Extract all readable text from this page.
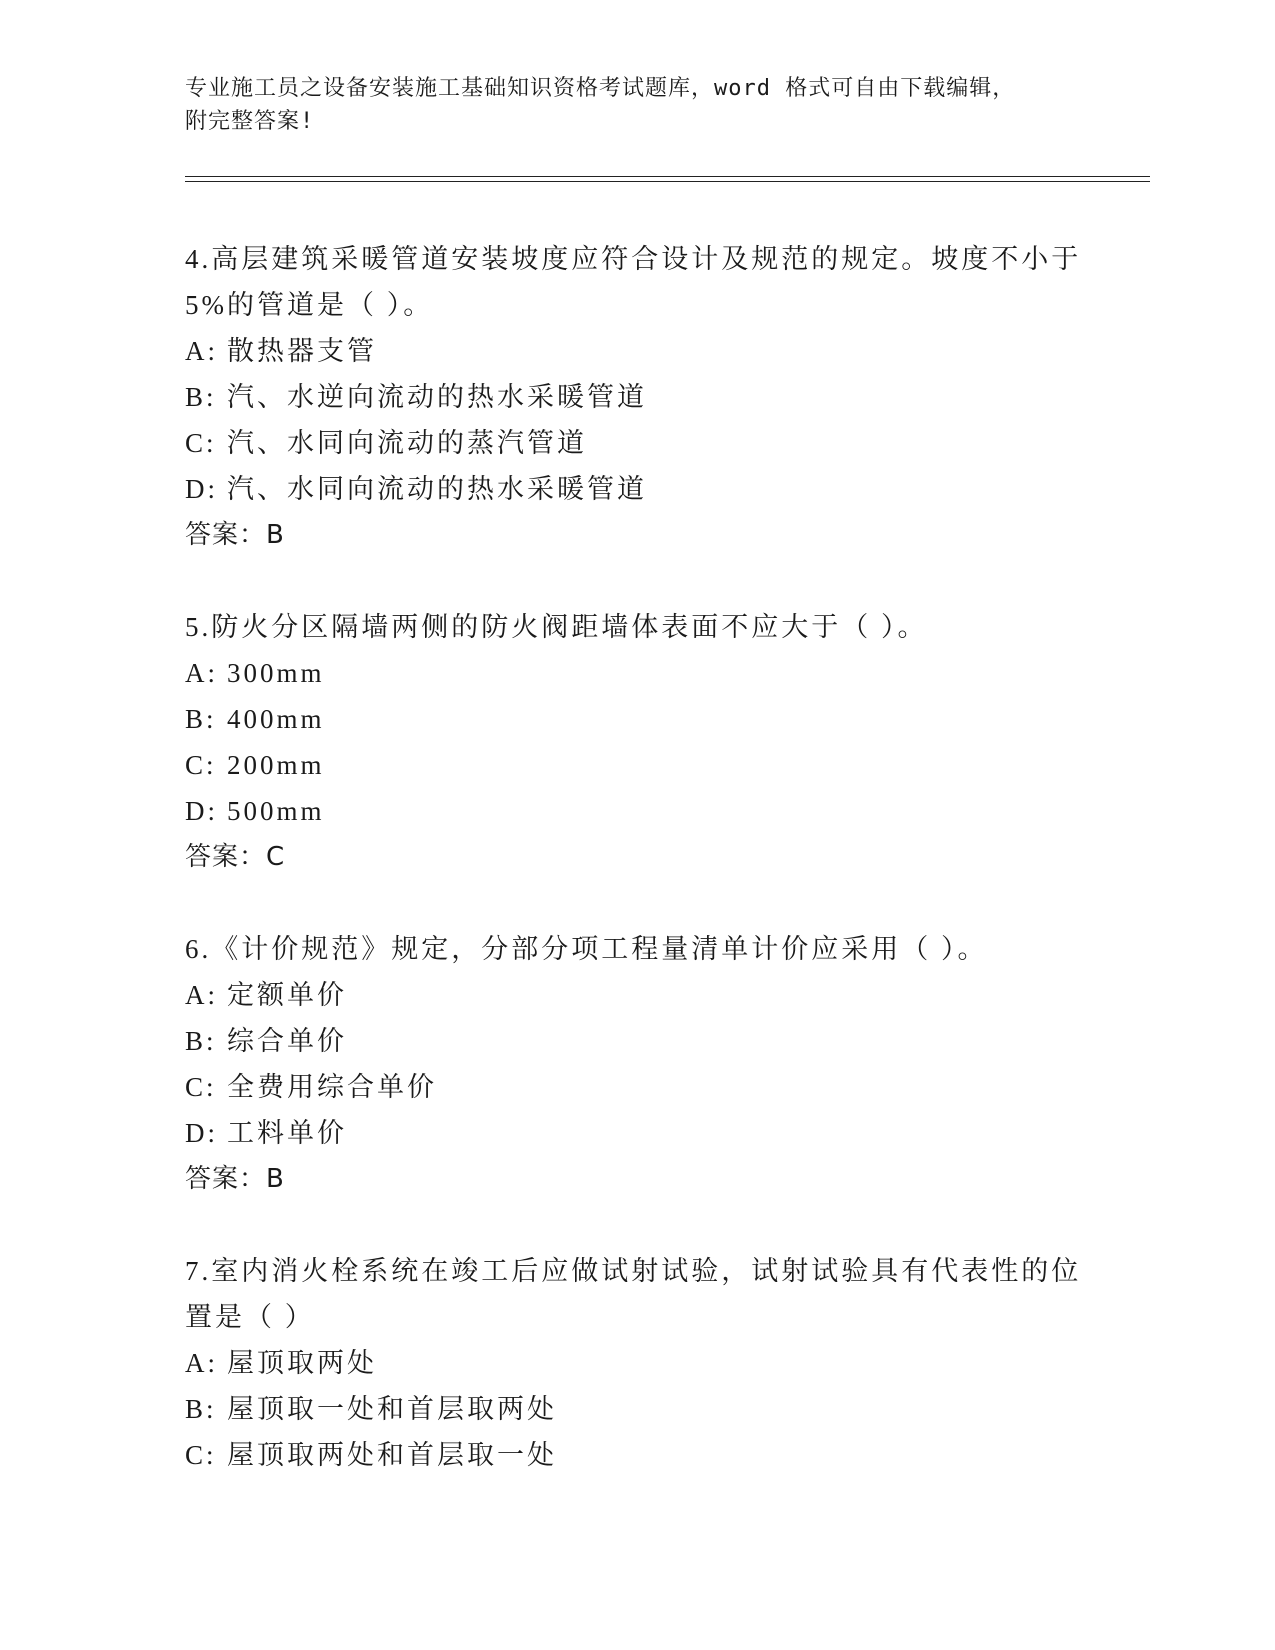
专业施工员之设备安装施工基础知识资格考试题库，word 格式可自由下载编辑，
附完整答案!

4.高层建筑采暖管道安装坡度应符合设计及规范的规定。坡度不小于
5%的管道是（ ）。

A: 散热器支管

B: 汽、水逆向流动的热水采暖管道

C: 汽、水同向流动的蒸汽管道

D: 汽、水同向流动的热水采暖管道

答案：B

5.防火分区隔墙两侧的防火阀距墙体表面不应大于（ ）。

A: 300mm

B: 400mm

C: 200mm

D: 500mm

答案：C

6.《计价规范》规定，分部分项工程量清单计价应采用（ ）。

A: 定额单价

B: 综合单价

C: 全费用综合单价

D: 工料单价

答案：B

7.室内消火栓系统在竣工后应做试射试验，试射试验具有代表性的位
置是（ ）

A: 屋顶取两处

B: 屋顶取一处和首层取两处

C: 屋顶取两处和首层取一处
